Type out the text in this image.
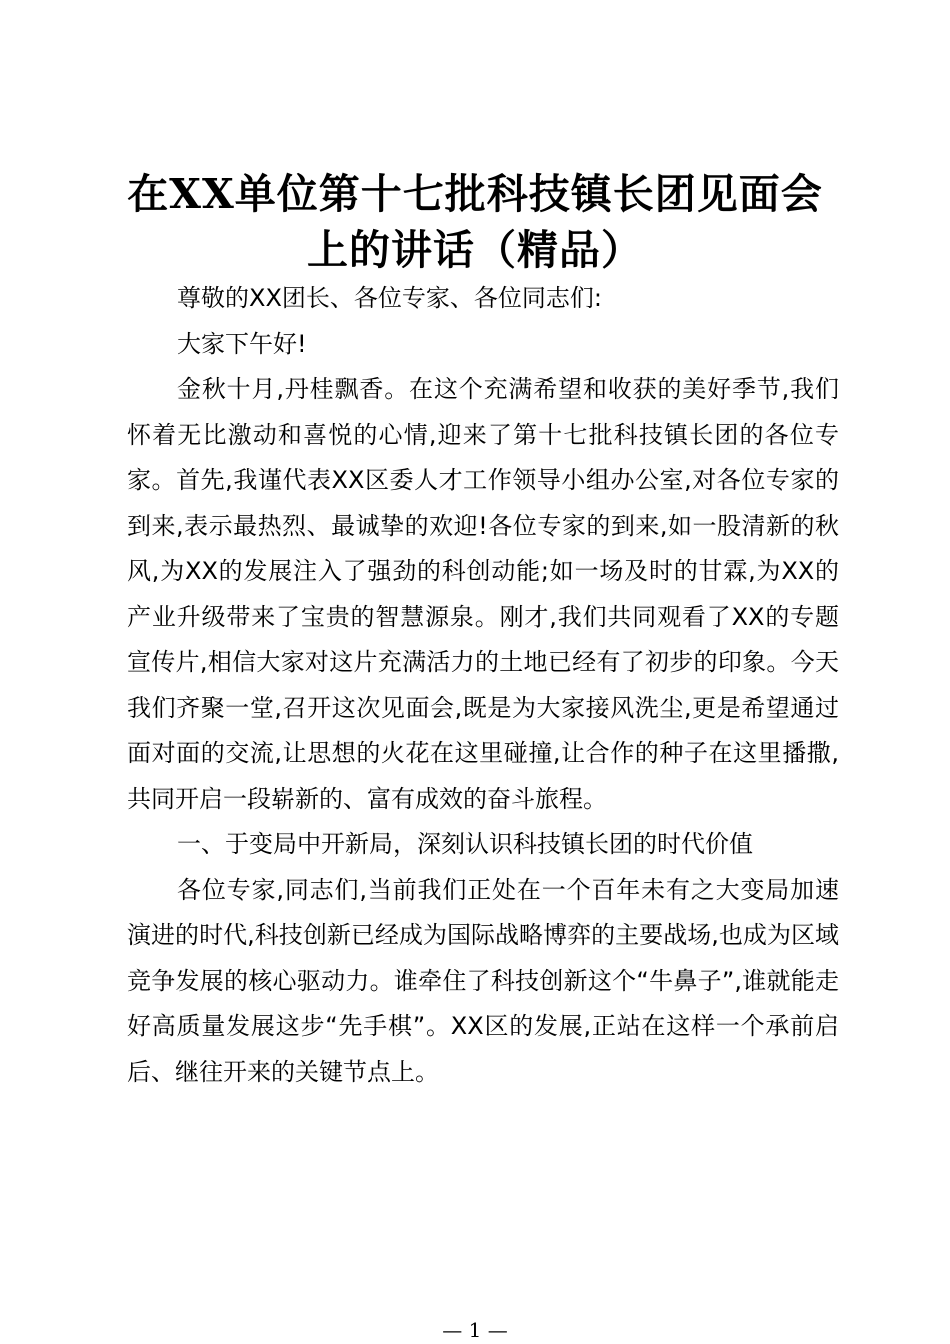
在XX单位第十七批科技镇长团见面会
上的讲话（精品）

尊敬的XX团长、各位专家、各位同志们:

大家下午好!

金秋十月,丹桂飘香。在这个充满希望和收获的美好季节,我们怀着无比激动和喜悦的心情,迎来了第十七批科技镇长团的各位专家。首先,我谨代表XX区委人才工作领导小组办公室,对各位专家的到来,表示最热烈、最诚挚的欢迎!各位专家的到来,如一股清新的秋风,为XX的发展注入了强劲的科创动能;如一场及时的甘霖,为XX的产业升级带来了宝贵的智慧源泉。刚才,我们共同观看了XX的专题宣传片,相信大家对这片充满活力的土地已经有了初步的印象。今天我们齐聚一堂,召开这次见面会,既是为大家接风洗尘,更是希望通过面对面的交流,让思想的火花在这里碰撞,让合作的种子在这里播撒,共同开启一段崭新的、富有成效的奋斗旅程。

一、于变局中开新局，深刻认识科技镇长团的时代价值

各位专家,同志们,当前我们正处在一个百年未有之大变局加速演进的时代,科技创新已经成为国际战略博弈的主要战场,也成为区域竞争发展的核心驱动力。谁牵住了科技创新这个“牛鼻子”,谁就能走好高质量发展这步“先手棋”。XX区的发展,正站在这样一个承前启后、继往开来的关键节点上。

— 1 —
